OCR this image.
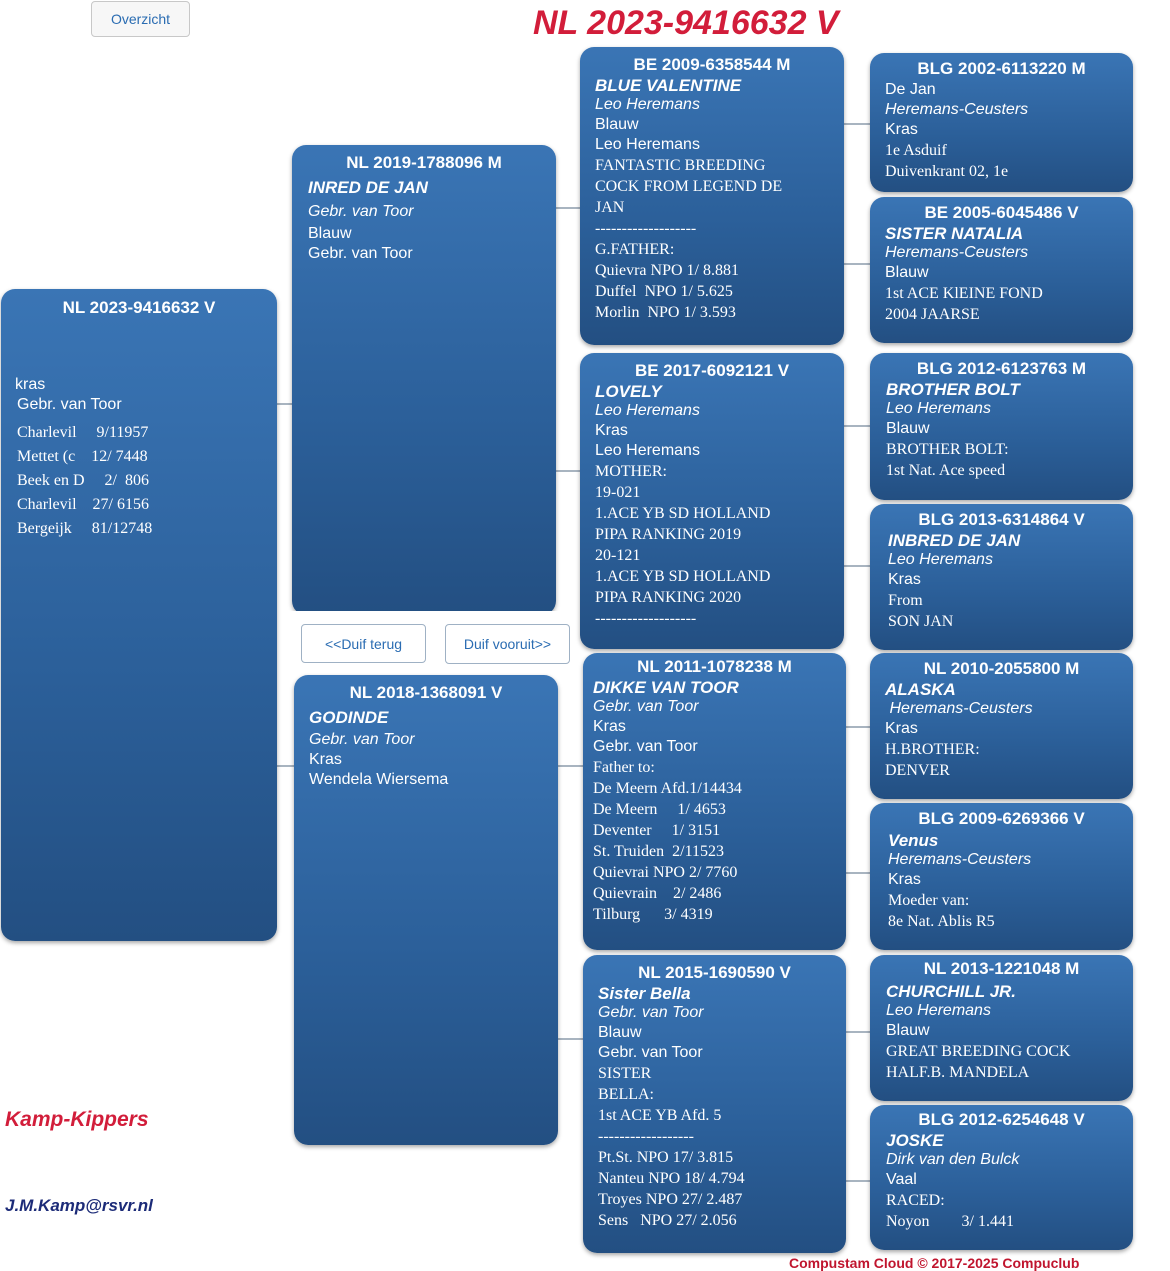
Overzicht	NL 2023-9416632 V
NL 2023-9416632 V
kras
Gebr. van Toor
Charlevil     9/11957
Mettet (c    12/ 7448
Beek en D     2/  806
Charlevil    27/ 6156
Bergeijk     81/12748
NL 2019-1788096 M
INRED DE JAN
Gebr. van Toor
Blauw
Gebr. van Toor
NL 2018-1368091 V
GODINDE
Gebr. van Toor
Kras
Wendela Wiersema
<<Duif terug	Duif vooruit>>
BE 2009-6358544 M
BLUE VALENTINE
Leo Heremans
Blauw
Leo Heremans
FANTASTIC BREEDING
COCK FROM LEGEND DE
JAN
-------------------
G.FATHER:
Quievra NPO 1/ 8.881
Duffel  NPO 1/ 5.625
Morlin  NPO 1/ 3.593
BE 2017-6092121 V
LOVELY
Leo Heremans
Kras
Leo Heremans
MOTHER:
19-021
1.ACE YB SD HOLLAND
PIPA RANKING 2019
20-121
1.ACE YB SD HOLLAND
PIPA RANKING 2020
-------------------
NL 2011-1078238 M
DIKKE VAN TOOR
Gebr. van Toor
Kras
Gebr. van Toor
Father to:
De Meern Afd.1/14434
De Meern     1/ 4653
Deventer     1/ 3151
St. Truiden  2/11523
Quievrai NPO 2/ 7760
Quievrain    2/ 2486
Tilburg      3/ 4319
NL 2015-1690590 V
Sister Bella
Gebr. van Toor
Blauw
Gebr. van Toor
SISTER
BELLA:
1st ACE YB Afd. 5
------------------
Pt.St. NPO 17/ 3.815
Nanteu NPO 18/ 4.794
Troyes NPO 27/ 2.487
Sens   NPO 27/ 2.056
BLG 2002-6113220 M
De Jan
Heremans-Ceusters
Kras
1e Asduif
Duivenkrant 02, 1e
BE 2005-6045486 V
SISTER NATALIA
Heremans-Ceusters
Blauw
1st ACE KlEINE FOND
2004 JAARSE
BLG 2012-6123763 M
BROTHER BOLT
Leo Heremans
Blauw
BROTHER BOLT:
1st Nat. Ace speed
BLG 2013-6314864 V
INBRED DE JAN
Leo Heremans
Kras
From
SON JAN
NL 2010-2055800 M
ALASKA
Heremans-Ceusters
Kras
H.BROTHER:
DENVER
BLG 2009-6269366 V
Venus
Heremans-Ceusters
Kras
Moeder van:
8e Nat. Ablis R5
NL 2013-1221048 M
CHURCHILL JR.
Leo Heremans
Blauw
GREAT BREEDING COCK
HALF.B. MANDELA
BLG 2012-6254648 V
JOSKE
Dirk van den Bulck
Vaal
RACED:
Noyon        3/ 1.441
Kamp-Kippers
J.M.Kamp@rsvr.nl
Compustam Cloud © 2017-2025 Compuclub
